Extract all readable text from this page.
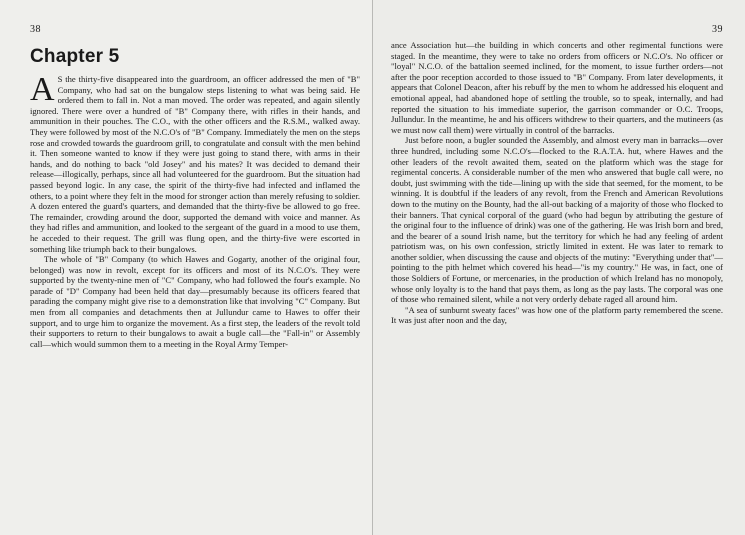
38
Chapter 5

AS the thirty-five disappeared into the guardroom, an officer addressed the men of "B" Company, who had sat on the bungalow steps listening to what was being said. He ordered them to fall in. Not a man moved. The order was repeated, and again silently ignored. There were over a hundred of "B" Company there, with rifles in their hands, and ammunition in their pouches. The C.O., with the other officers and the R.S.M., walked away. They were followed by most of the N.C.O's of "B" Company. Immediately the men on the steps rose and crowded towards the guardroom grill, to congratulate and consult with the men behind it. Then someone wanted to know if they were just going to stand there, with arms in their hands, and do nothing to back "old Josey" and his mates? It was decided to demand their release—illogically, perhaps, since all had volunteered for the guardroom. But the situation had passed beyond logic. In any case, the spirit of the thirty-five had infected and inflamed the others, to a point where they felt in the mood for stronger action than merely refusing to soldier. A dozen entered the guard's quarters, and demanded that the thirty-five be allowed to go free. The remainder, crowding around the door, supported the demand with voice and manner. As they had rifles and ammunition, and looked to the sergeant of the guard in a mood to use them, he acceded to their request. The grill was flung open, and the thirty-five were escorted in something like triumph back to their bungalows.

The whole of "B" Company (to which Hawes and Gogarty, another of the original four, belonged) was now in revolt, except for its officers and most of its N.C.O's. They were supported by the twenty-nine men of "C" Company, who had followed the four's example. No parade of "D" Company had been held that day—presumably because its officers feared that parading the company might give rise to a demonstration like that involving "C" Company. But men from all companies and detachments then at Jullundur came to Hawes to offer their support, and to urge him to organize the movement. As a first step, the leaders of the revolt told their supporters to return to their bungalows to await a bugle call—the "Fall-in" or Assembly call—which would summon them to a meeting in the Royal Army Temper-

39

ance Association hut—the building in which concerts and other regimental functions were staged. In the meantime, they were to take no orders from officers or N.C.O's. No officer or "loyal" N.C.O. of the battalion seemed inclined, for the moment, to issue further orders—not after the poor reception accorded to those issued to "B" Company. From later developments, it appears that Colonel Deacon, after his rebuff by the men to whom he addressed his eloquent and emotional appeal, had abandoned hope of settling the trouble, so to speak, internally, and had reported the situation to his immediate superior, the garrison commander or O.C. Troops, Jullundur. In the meantime, he and his officers withdrew to their quarters, and the mutineers (as we must now call them) were virtually in control of the barracks.

Just before noon, a bugler sounded the Assembly, and almost every man in barracks—over three hundred, including some N.C.O's—flocked to the R.A.T.A. hut, where Hawes and the other leaders of the revolt awaited them, seated on the platform which was the stage for regimental concerts. A considerable number of the men who answered that bugle call were, no doubt, just swimming with the tide—lining up with the side that seemed, for the moment, to be winning. It is doubtful if the leaders of any revolt, from the French and American Revolutions down to the mutiny on the Bounty, had the all-out backing of a majority of those who flocked to their banners. That cynical corporal of the guard (who had begun by attributing the gesture of the original four to the influence of drink) was one of the gathering. He was Irish born and bred, and the bearer of a sound Irish name, but the territory for which he had any feeling of ardent patriotism was, on his own confession, strictly limited in extent. He was later to remark to another soldier, when discussing the cause and objects of the mutiny: "Everything under that"—pointing to the pith helmet which covered his head—"is my country." He was, in fact, one of those Soldiers of Fortune, or mercenaries, in the production of which Ireland has no monopoly, whose only loyalty is to the hand that pays them, as long as the pay lasts. The corporal was one of those who remained silent, while a not very orderly debate raged all around him.

"A sea of sunburnt sweaty faces" was how one of the platform party remembered the scene. It was just after noon and the day,
